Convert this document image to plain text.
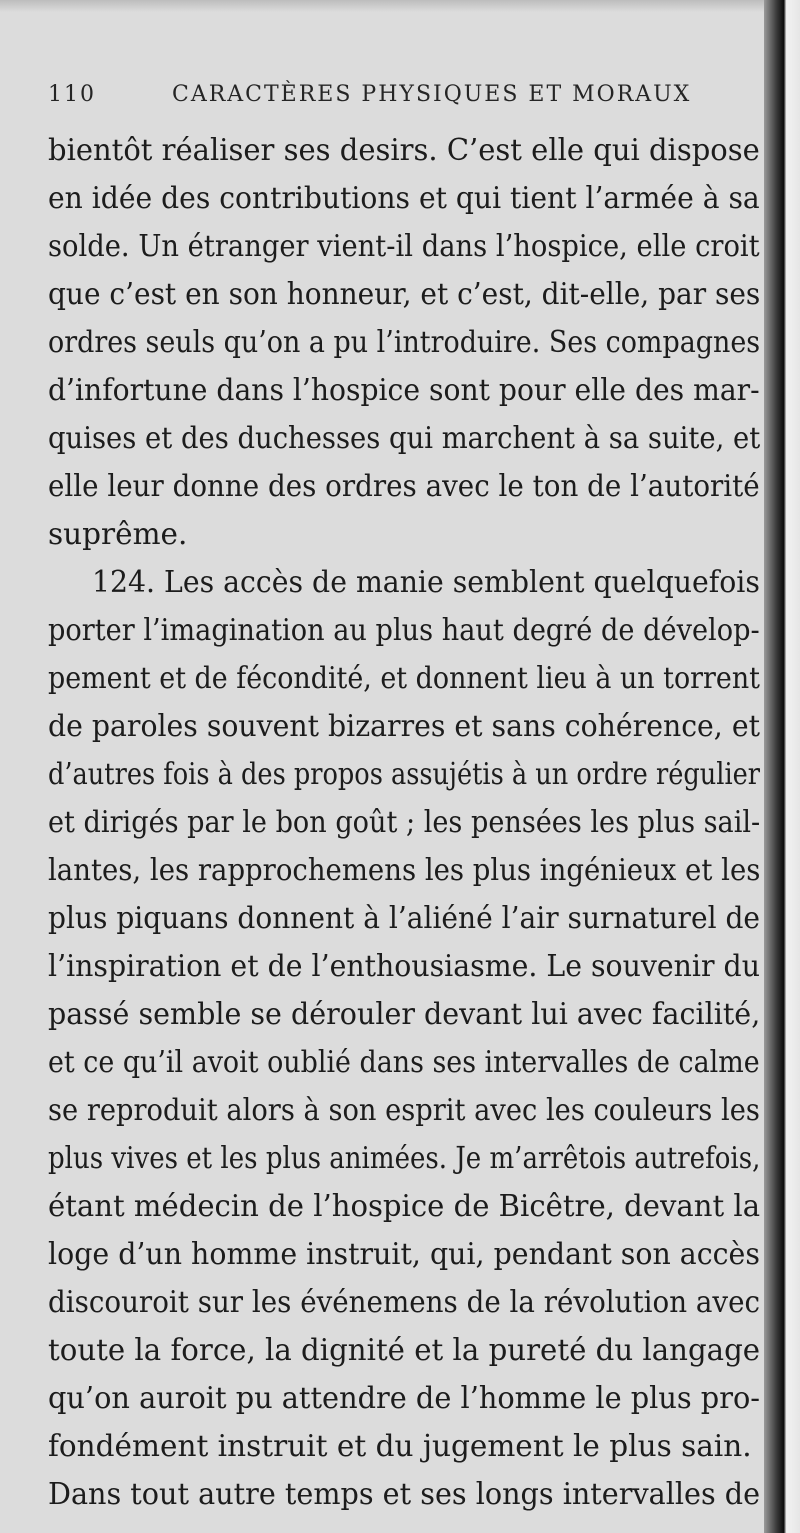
110	CARACTÈRES PHYSIQUES ET MORAUX
bientôt réaliser ses desirs. C’est elle qui dispose
en idée des contributions et qui tient l’armée à sa
solde. Un étranger vient-il dans l’hospice, elle croit
que c’est en son honneur, et c’est, dit-elle, par ses
ordres seuls qu’on a pu l’introduire. Ses compagnes
d’infortune dans l’hospice sont pour elle des mar-
quises et des duchesses qui marchent à sa suite, et
elle leur donne des ordres avec le ton de l’autorité
suprême.
124. Les accès de manie semblent quelquefois
porter l’imagination au plus haut degré de dévelop-
pement et de fécondité, et donnent lieu à un torrent
de paroles souvent bizarres et sans cohérence, et
d’autres fois à des propos assujétis à un ordre régulier
et dirigés par le bon goût ; les pensées les plus sail-
lantes, les rapprochemens les plus ingénieux et les
plus piquans donnent à l’aliéné l’air surnaturel de
l’inspiration et de l’enthousiasme. Le souvenir du
passé semble se dérouler devant lui avec facilité,
et ce qu’il avoit oublié dans ses intervalles de calme
se reproduit alors à son esprit avec les couleurs les
plus vives et les plus animées. Je m’arrêtois autrefois,
étant médecin de l’hospice de Bicêtre, devant la
loge d’un homme instruit, qui, pendant son accès
discouroit sur les événemens de la révolution avec
toute la force, la dignité et la pureté du langage
qu’on auroit pu attendre de l’homme le plus pro-
fondément instruit et du jugement le plus sain.
Dans tout autre temps et ses longs intervalles de
